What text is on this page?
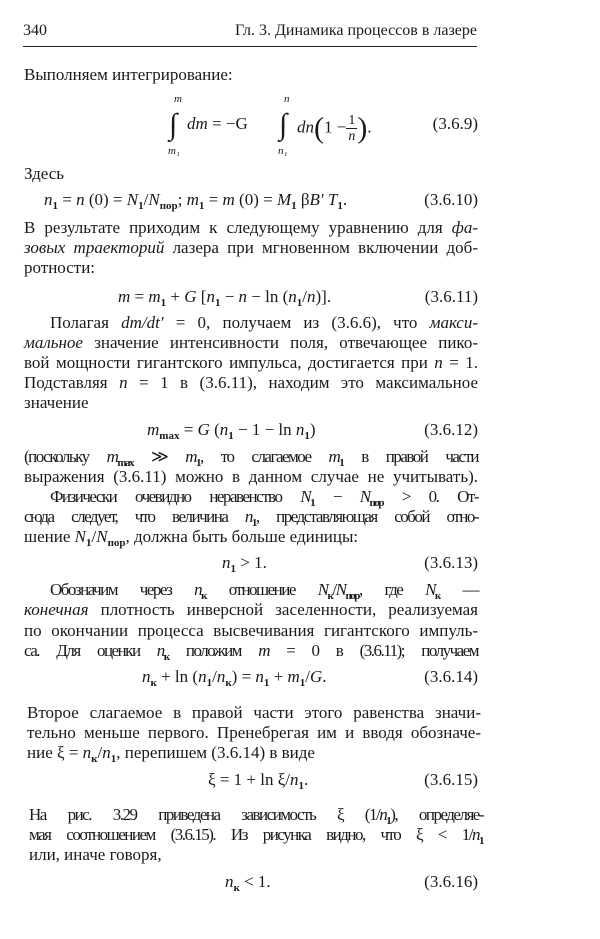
340	Гл. 3. Динамика процессов в лазере
Выполняем интегрирование:
∫
m
m₁
dm = −G ∫
n
n₁
$dn(1 - \frac{1}{n}$ ).	(3.6.9)
Здесь
$n_1 = n$ $(0) = N_1/N_{пор}$; $m_1 = m$ $(0) = M_1$ βB′ $T_1$.
В результате приходим к следующему уравнению для фа-
зовых траекторий лазера при мгновенном включении доб-
ротности:
$m = m_1 + G$ $[n_1 - n - \ln (n_1/n)]$.
Полагая dm/dt′ = 0, получаем из (3.6.6), что макси-
мальное значение интенсивности поля, отвечающее пико-
вой мощности гигантского импульса, достигается при n = 1.
Подставляя n = 1 в (3.6.11), находим это максимальное
значение
$m_{max} = G$ $(n_1 - 1 - \ln n_1)$
(поскольку $m_{max}$ ≫ $m_1$, то слагаемое $m_1$ в правой части
выражения (3.6.11) можно в данном случае не учитывать).
Физически очевидно неравенство $N_1 - N_{пор} > 0$. От-
сюда следует, что величина $n_1$, представляющая собой отно-
шение $N_1/N_{пор}$, должна быть больше единицы:
$n_1 > 1$.
Обозначим через $n_к$ отношение $N_к/N_{пор}$, где $N_к$ —
конечная плотность инверсной заселенности, реализуемая
по окончании процесса высвечивания гигантского импуль-
са. Для оценки $n_к$ положим m = 0 в (3.6.11); получаем
$n_к + \ln (n_1/n_к) = n_1 + m_1/G$.
Второе слагаемое в правой части этого равенства значи-
тельно меньше первого. Пренебрегая им и вводя обозначе-
ние $\xi = n_к/n_1$, перепишем (3.6.14) в виде
$\xi = 1 + \ln \xi/n_1$.
На рис. 3.29 приведена зависимость ξ $(1/n_1)$, определяе-
мая соотношением (3.6.15). Из рисунка видно, что $\xi < 1/n_1$
или, иначе говоря,
$n_к < 1$.
(3.6.10)
(3.6.11)
(3.6.12)
(3.6.13)
(3.6.14)
(3.6.15)
(3.6.16)
